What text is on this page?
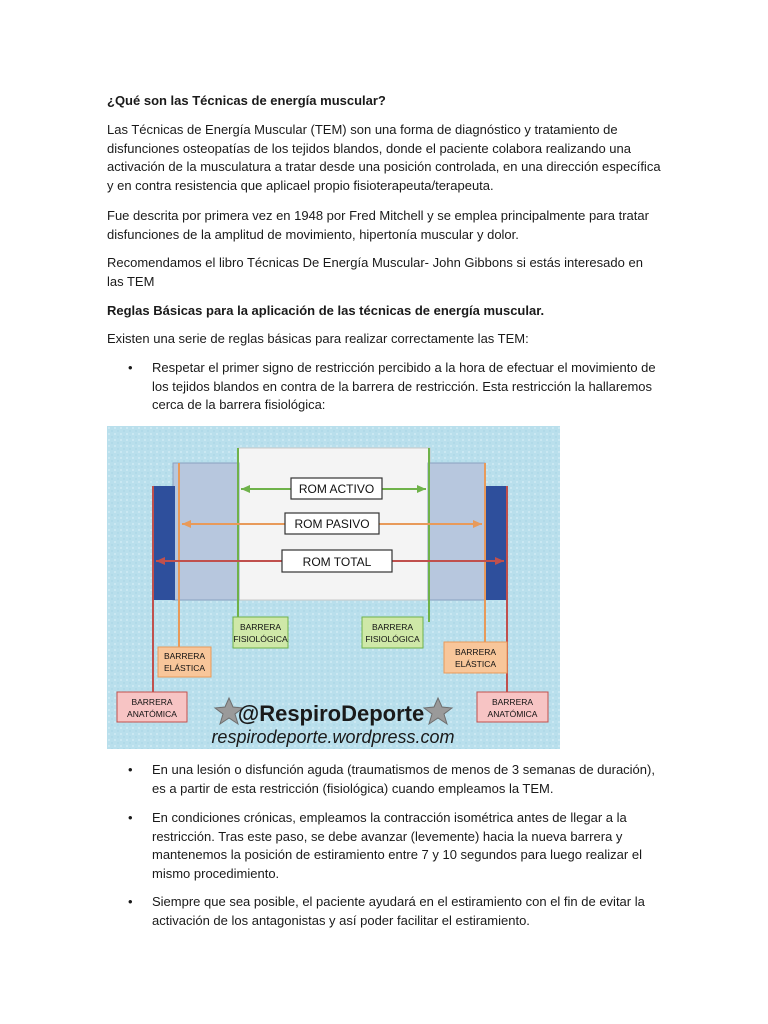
¿Qué son las Técnicas de energía muscular?

Las Técnicas de Energía Muscular (TEM) son una forma de diagnóstico y tratamiento de disfunciones osteopatías de los tejidos blandos, donde el paciente colabora realizando una activación de la musculatura a tratar desde una posición controlada, en una dirección específica y en contra resistencia que aplicael propio fisioterapeuta/terapeuta.

Fue descrita por primera vez en 1948 por Fred Mitchell y se emplea principalmente para tratar disfunciones de la amplitud de movimiento, hipertonía muscular y dolor.

Recomendamos el libro Técnicas De Energía Muscular- John Gibbons si estás interesado en las TEM

Reglas Básicas para la aplicación de las técnicas de energía muscular.

Existen una serie de reglas básicas para realizar correctamente las TEM:

• Respetar el primer signo de restricción percibido a la hora de efectuar el movimiento de los tejidos blandos en contra de la barrera de restricción. Esta restricción la hallaremos cerca de la barrera fisiológica:

ROM ACTIVO
ROM PASIVO
ROM TOTAL
BARRERA
FISIOLÓGICA
BARRERA
FISIOLÓGICA
BARRERA
ELÁSTICA
BARRERA
ELÁSTICA
BARRERA
ANATÓMICA
BARRERA
ANATÓMICA
@RespiroDeporte
respirodeporte.wordpress.com
• En una lesión o disfunción aguda (traumatismos de menos de 3 semanas de duración), es a partir de esta restricción (fisiológica) cuando empleamos la TEM.

• En condiciones crónicas, empleamos la contracción isométrica antes de llegar a la restricción. Tras este paso, se debe avanzar (levemente) hacia la nueva barrera y mantenemos la posición de estiramiento entre 7 y 10 segundos para luego realizar el mismo procedimiento.

• Siempre que sea posible, el paciente ayudará en el estiramiento con el fin de evitar la activación de los antagonistas y así poder facilitar el estiramiento.
